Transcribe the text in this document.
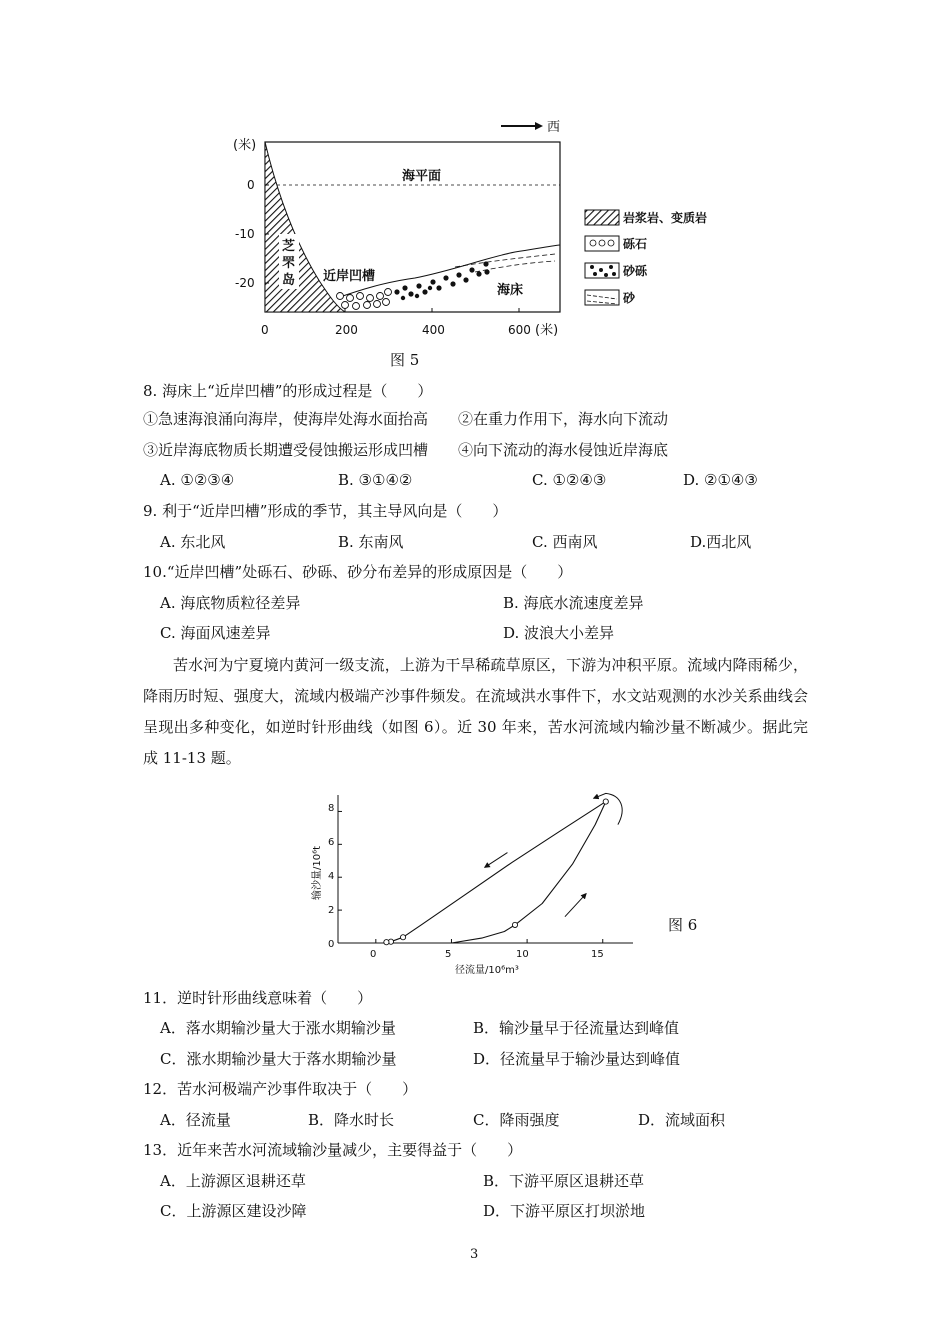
西
芝
罘
岛
海平面
近岸凹槽
海床
(米)
0
-10
-20
0	200	400	600 (米)
岩浆岩、变质岩
砾石
砂砾
砂
图 5
8. 海床上“近岸凹槽”的形成过程是（　　）
①急速海浪涌向海岸，使海岸处海水面抬高　　②在重力作用下，海水向下流动
③近岸海底物质长期遭受侵蚀搬运形成凹槽　　④向下流动的海水侵蚀近岸海底
A. ①②③④	B. ③①④②	C. ①②④③	D. ②①④③
9. 利于“近岸凹槽”形成的季节，其主导风向是（　　）
A. 东北风	B. 东南风	C. 西南风	D.西北风
10.“近岸凹槽”处砾石、砂砾、砂分布差异的形成原因是（　　）
A. 海底物质粒径差异	B. 海底水流速度差异
C. 海面风速差异	D. 波浪大小差异
苦水河为宁夏境内黄河一级支流，上游为干旱稀疏草原区，下游为冲积平原。流域内降雨稀少，降雨历时短、强度大，流域内极端产沙事件频发。在流域洪水事件下，水文站观测的水沙关系曲线会呈现出多种变化，如逆时针形曲线（如图 6）。近 30 年来，苦水河流域内输沙量不断减少。据此完成 11-13 题。
径流量/10⁶m³
输沙量/10⁶t
0	5	10	15
0
2
4
6
8
图 6
11．逆时针形曲线意味着（　　）
A．落水期输沙量大于涨水期输沙量	B．输沙量早于径流量达到峰值
C．涨水期输沙量大于落水期输沙量	D．径流量早于输沙量达到峰值
12．苦水河极端产沙事件取决于（　　）
A．径流量	B．降水时长	C．降雨强度	D．流域面积
13．近年来苦水河流域输沙量减少，主要得益于（　　）
A．上游源区退耕还草	B．下游平原区退耕还草
C．上游源区建设沙障	D．下游平原区打坝淤地
3
